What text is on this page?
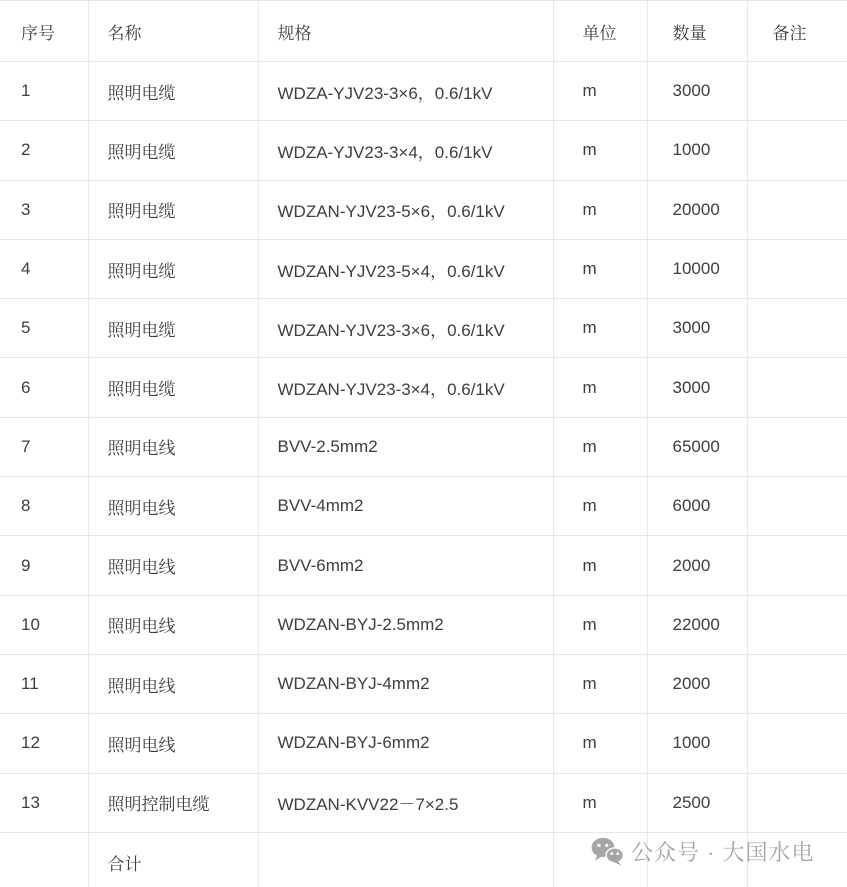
序号	名称	规格	单位	数量	备注
1	照明电缆	WDZA-YJV23-3×6，0.6/1kV	m	3000	
2	照明电缆	WDZA-YJV23-3×4，0.6/1kV	m	1000	
3	照明电缆	WDZAN-YJV23-5×6，0.6/1kV	m	20000	
4	照明电缆	WDZAN-YJV23-5×4，0.6/1kV	m	10000	
5	照明电缆	WDZAN-YJV23-3×6，0.6/1kV	m	3000	
6	照明电缆	WDZAN-YJV23-3×4，0.6/1kV	m	3000	
7	照明电线	BVV-2.5mm2	m	65000	
8	照明电线	BVV-4mm2	m	6000	
9	照明电线	BVV-6mm2	m	2000	
10	照明电线	WDZAN-BYJ-2.5mm2	m	22000	
11	照明电线	WDZAN-BYJ-4mm2	m	2000	
12	照明电线	WDZAN-BYJ-6mm2	m	1000	
13	照明控制电缆	WDZAN-KVV22－7×2.5	m	2500	
	合计					公众号 · 大国水电
